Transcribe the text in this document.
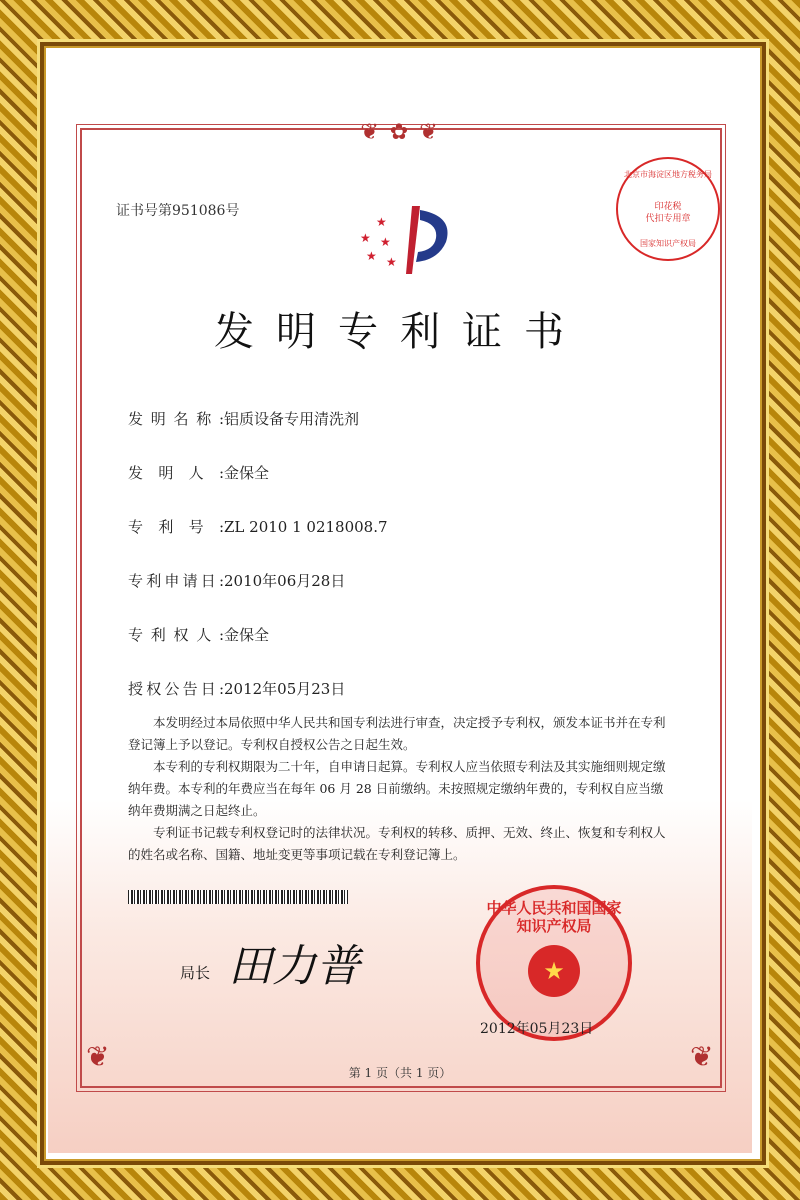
❦ ✿ ❦
❦	❦
证书号第951086号
★
★ ★
★ ★
北京市海淀区地方税务局
印花税
代扣专用章
国家知识产权局
发明专利证书
发明名称:铝质设备专用清洗剂
发明人:金保全
专利号:ZL 2010 1 0218008.7
专利申请日:2010年06月28日
专利权人:金保全
授权公告日:2012年05月23日

本发明经过本局依照中华人民共和国专利法进行审查，决定授予专利权，颁发本证书并在专利登记簿上予以登记。专利权自授权公告之日起生效。

本专利的专利权期限为二十年，自申请日起算。专利权人应当依照专利法及其实施细则规定缴纳年费。本专利的年费应当在每年 06 月 28 日前缴纳。未按照规定缴纳年费的，专利权自应当缴纳年费期满之日起终止。

专利证书记载专利权登记时的法律状况。专利权的转移、质押、无效、终止、恢复和专利权人的姓名或名称、国籍、地址变更等事项记载在专利登记簿上。

局长 田力普	★
中华人民共和国国家知识产权局
2012年05月23日
第 1 页（共 1 页）
